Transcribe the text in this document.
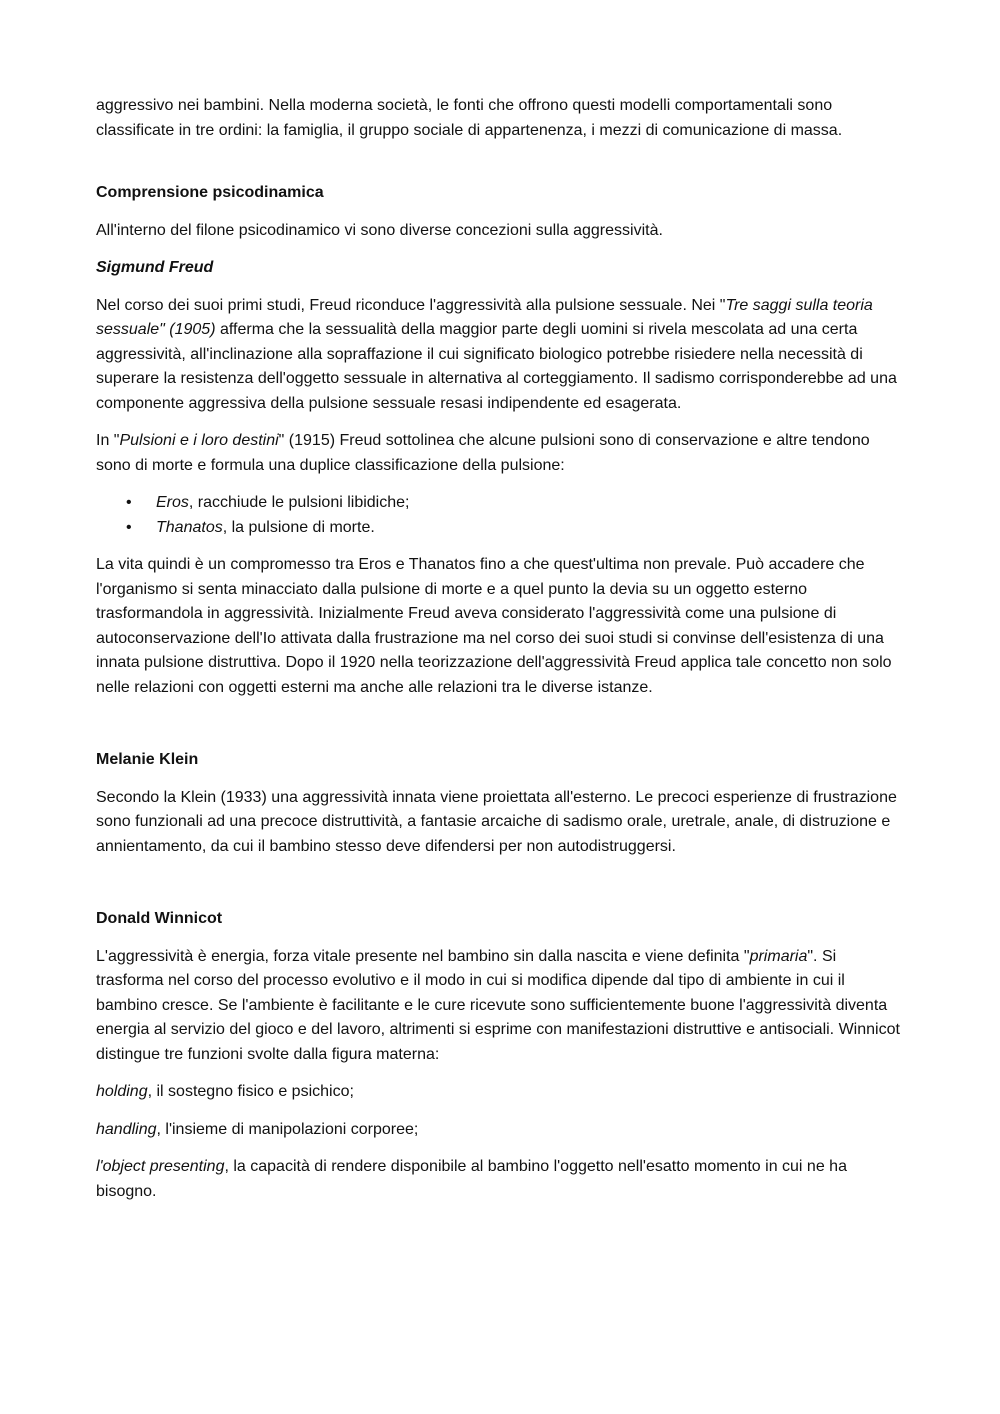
aggressivo nei bambini. Nella moderna società, le fonti che offrono questi modelli comportamentali sono classificate in tre ordini: la famiglia, il gruppo sociale di appartenenza, i mezzi di comunicazione di massa.

Comprensione psicodinamica

All'interno del filone psicodinamico vi sono diverse concezioni sulla aggressività.

Sigmund Freud

Nel corso dei suoi primi studi, Freud riconduce l'aggressività alla pulsione sessuale. Nei "Tre saggi sulla teoria sessuale" (1905) afferma che la sessualità della maggior parte degli uomini si rivela mescolata ad una certa aggressività, all'inclinazione alla sopraffazione il cui significato biologico potrebbe risiedere nella necessità di superare la resistenza dell'oggetto sessuale in alternativa al corteggiamento. Il sadismo corrisponderebbe ad una componente aggressiva della pulsione sessuale resasi indipendente ed esagerata.

In "Pulsioni e i loro destini" (1915) Freud sottolinea che alcune pulsioni sono di conservazione e altre tendono sono di morte e formula una duplice classificazione della pulsione:

• Eros, racchiude le pulsioni libidiche;
• Thanatos, la pulsione di morte.

La vita quindi è un compromesso tra Eros e Thanatos fino a che quest'ultima non prevale. Può accadere che l'organismo si senta minacciato dalla pulsione di morte e a quel punto la devia su un oggetto esterno trasformandola in aggressività. Inizialmente Freud aveva considerato l'aggressività come una pulsione di autoconservazione dell'Io attivata dalla frustrazione ma nel corso dei suoi studi si convinse dell'esistenza di una innata pulsione distruttiva. Dopo il 1920 nella teorizzazione dell'aggressività Freud applica tale concetto non solo nelle relazioni con oggetti esterni ma anche alle relazioni tra le diverse istanze.

Melanie Klein

Secondo la Klein (1933) una aggressività innata viene proiettata all'esterno. Le precoci esperienze di frustrazione sono funzionali ad una precoce distruttività, a fantasie arcaiche di sadismo orale, uretrale, anale, di distruzione e annientamento, da cui il bambino stesso deve difendersi per non autodistruggersi.

Donald Winnicot

L'aggressività è energia, forza vitale presente nel bambino sin dalla nascita e viene definita "primaria". Si trasforma nel corso del processo evolutivo e il modo in cui si modifica dipende dal tipo di ambiente in cui il bambino cresce. Se l'ambiente è facilitante e le cure ricevute sono sufficientemente buone l'aggressività diventa energia al servizio del gioco e del lavoro, altrimenti si esprime con manifestazioni distruttive e antisociali. Winnicot distingue tre funzioni svolte dalla figura materna:

holding, il sostegno fisico e psichico;

handling, l'insieme di manipolazioni corporee;

l'object presenting, la capacità di rendere disponibile al bambino l'oggetto nell'esatto momento in cui ne ha bisogno.
